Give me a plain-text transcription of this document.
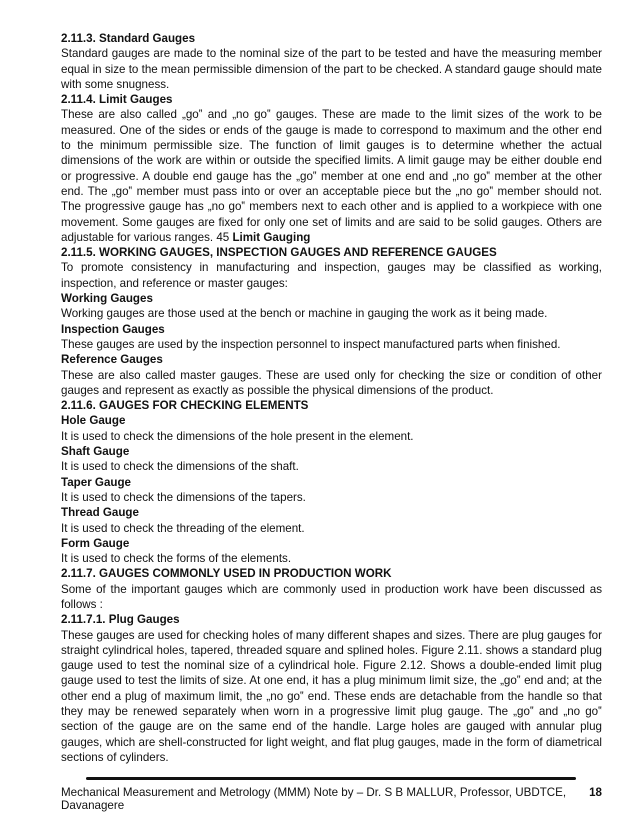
2.11.3. Standard Gauges
Standard gauges are made to the nominal size of the part to be tested and have the measuring member equal in size to the mean permissible dimension of the part to be checked. A standard gauge should mate with some snugness.
2.11.4. Limit Gauges
These are also called „go‟ and „no go‟ gauges. These are made to the limit sizes of the work to be measured. One of the sides or ends of the gauge is made to correspond to maximum and the other end to the minimum permissible size. The function of limit gauges is to determine whether the actual dimensions of the work are within or outside the specified limits. A limit gauge may be either double end or progressive. A double end gauge has the „go‟ member at one end and „no go‟ member at the other end. The „go‟ member must pass into or over an acceptable piece but the „no go‟ member should not. The progressive gauge has „no go‟ members next to each other and is applied to a workpiece with one movement. Some gauges are fixed for only one set of limits and are said to be solid gauges. Others are adjustable for various ranges. 45 Limit Gauging
2.11.5. WORKING GAUGES, INSPECTION GAUGES AND REFERENCE GAUGES
To promote consistency in manufacturing and inspection, gauges may be classified as working, inspection, and reference or master gauges:
Working Gauges
Working gauges are those used at the bench or machine in gauging the work as it being made.
Inspection Gauges
These gauges are used by the inspection personnel to inspect manufactured parts when finished.
Reference Gauges
These are also called master gauges. These are used only for checking the size or condition of other gauges and represent as exactly as possible the physical dimensions of the product.
2.11.6. GAUGES FOR CHECKING ELEMENTS
Hole Gauge
It is used to check the dimensions of the hole present in the element.
Shaft Gauge
It is used to check the dimensions of the shaft.
Taper Gauge
It is used to check the dimensions of the tapers.
Thread Gauge
It is used to check the threading of the element.
Form Gauge
It is used to check the forms of the elements.
2.11.7. GAUGES COMMONLY USED IN PRODUCTION WORK
Some of the important gauges which are commonly used in production work have been discussed as follows :
2.11.7.1. Plug Gauges
These gauges are used for checking holes of many different shapes and sizes. There are plug gauges for straight cylindrical holes, tapered, threaded square and splined holes. Figure 2.11. shows a standard plug gauge used to test the nominal size of a cylindrical hole. Figure 2.12. Shows a double-ended limit plug gauge used to test the limits of size. At one end, it has a plug minimum limit size, the „go‟ end and; at the other end a plug of maximum limit, the „no go‟ end. These ends are detachable from the handle so that they may be renewed separately when worn in a progressive limit plug gauge. The „go‟ and „no go‟ section of the gauge are on the same end of the handle. Large holes are gauged with annular plug gauges, which are shell-constructed for light weight, and flat plug gauges, made in the form of diametrical sections of cylinders.
Mechanical Measurement and Metrology (MMM) Note by – Dr. S B MALLUR, Professor, UBDTCE, Davanagere
18
